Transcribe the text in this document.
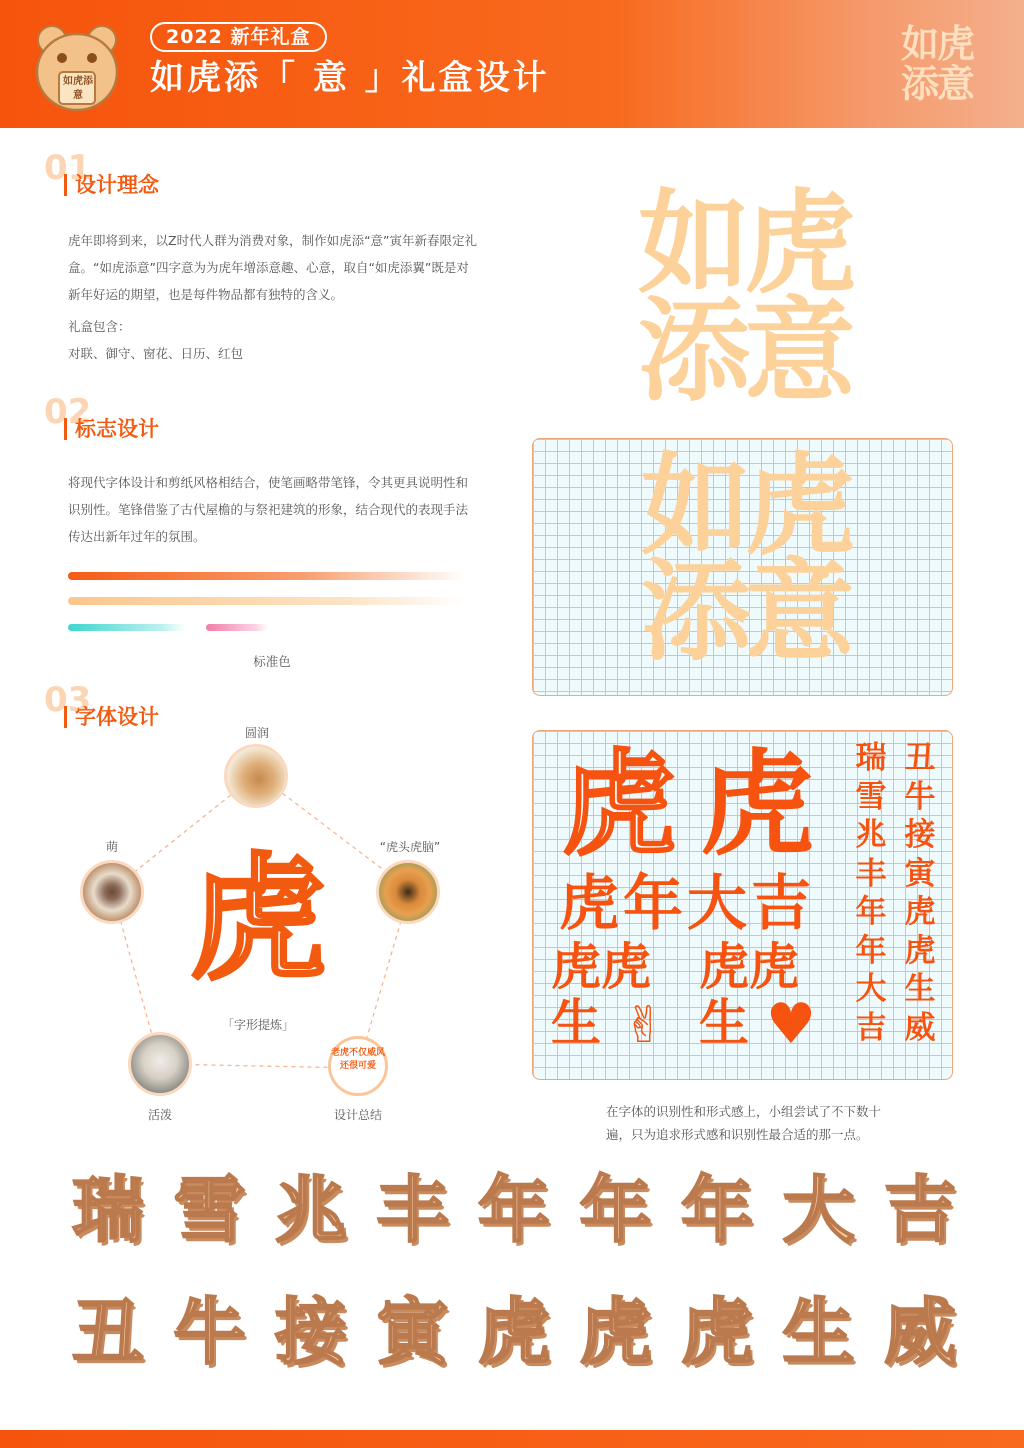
如虎添意
2022 新年礼盒
如虎添「 意 」礼盒设计
如虎添意
01
设计理念
虎年即将到来，以Z时代人群为消费对象，制作如虎添“意”寅年新春限定礼盒。“如虎添意”四字意为为虎年增添意趣、心意，取自“如虎添翼”既是对新年好运的期望，也是每件物品都有独特的含义。
礼盒包含：
对联、御守、窗花、日历、红包
02
标志设计
将现代字体设计和剪纸风格相结合，使笔画略带笔锋，令其更具说明性和识别性。笔锋借鉴了古代屋檐的与祭祀建筑的形象，结合现代的表现手法传达出新年过年的氛围。
标准色
03
字体设计
圆润
萌	“虎头虎脑”
活泼
老虎不仅威风还很可爱
设计总结
虎
「字形提炼」
如虎添意
如虎添意
虎 虎
虎年大吉
虎虎生 ✌
虎虎生 ♥
瑞雪兆丰年年大吉
丑牛接寅虎虎生威
在字体的识别性和形式感上，小组尝试了不下数十遍，只为追求形式感和识别性最合适的那一点。
瑞 雪 兆 丰 年 年 年 大 吉
丑 牛 接 寅 虎 虎 虎 生 威
